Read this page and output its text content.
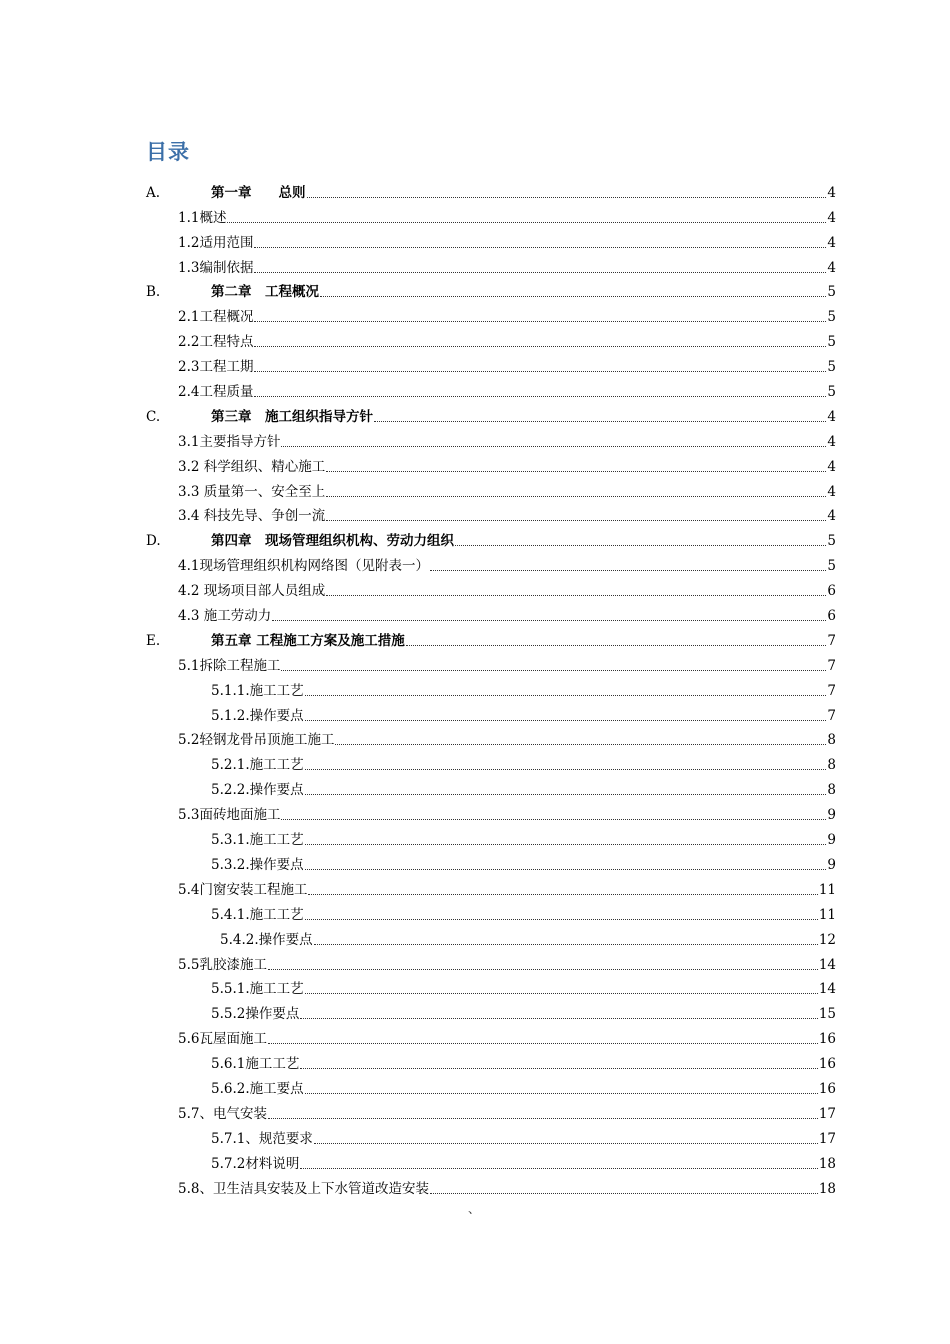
目录
A.	第一章　　总则	4
1.1概述	4
1.2适用范围	4
1.3编制依据	4
B.	第二章　工程概况	5
2.1工程概况	5
2.2工程特点	5
2.3工程工期	5
2.4工程质量	5
C.	第三章　施工组织指导方针	4
3.1主要指导方针	4
3.2 科学组织、精心施工	4
3.3 质量第一、安全至上	4
3.4 科技先导、争创一流	4
D.	第四章　现场管理组织机构、劳动力组织	5
4.1现场管理组织机构网络图（见附表一）	5
4.2 现场项目部人员组成	6
4.3 施工劳动力	6
E.	第五章 工程施工方案及施工措施	7
5.1拆除工程施工	7
5.1.1.施工工艺	7
5.1.2.操作要点	7
5.2轻钢龙骨吊顶施工施工	8
5.2.1.施工工艺	8
5.2.2.操作要点	8
5.3面砖地面施工	9
5.3.1.施工工艺	9
5.3.2.操作要点	9
5.4门窗安装工程施工	11
5.4.1.施工工艺	11
5.4.2.操作要点	12
5.5乳胶漆施工	14
5.5.1.施工工艺	14
5.5.2操作要点	15
5.6瓦屋面施工	16
5.6.1施工工艺	16
5.6.2.施工要点	16
5.7、电气安装	17
5.7.1、规范要求	17
5.7.2材料说明	18
5.8、卫生洁具安装及上下水管道改造安装	18
、
